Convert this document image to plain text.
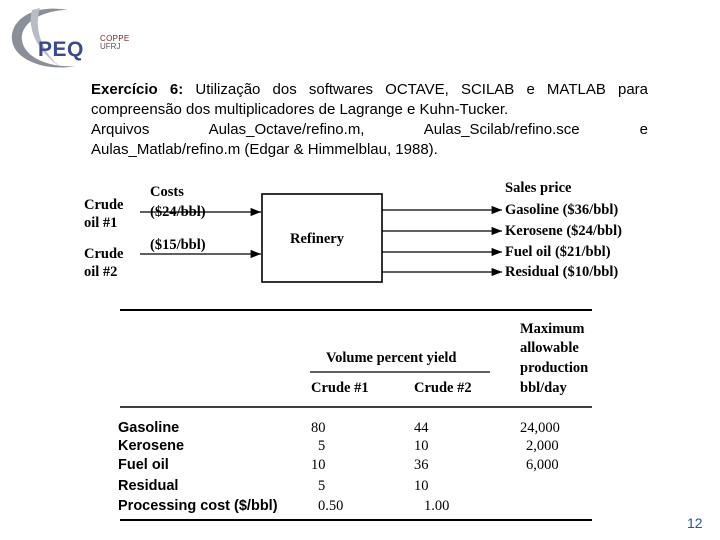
PEQ COPPE
UFRJ
Exercício 6: Utilização dos softwares OCTAVE, SCILAB e MATLAB para compreensão dos multiplicadores de Lagrange e Kuhn-Tucker.
Arquivos Aulas_Octave/refino.m, Aulas_Scilab/refino.sce e
Aulas_Matlab/refino.m (Edgar & Himmelblau, 1988).
Crude
oil #1
Crude
oil #2
Costs
($24/bbl)
($15/bbl)	Refinery
Sales price
Gasoline ($36/bbl)
Kerosene ($24/bbl)
Fuel oil ($21/bbl)
Residual ($10/bbl)
Volume percent yield
Crude #1	Crude #2
Maximum
allowable
production
bbl/day
Gasoline	80	44	24,000
Kerosene	5	10	2,000
Fuel oil	10	36	6,000
Residual	5	10
Processing cost ($/bbl)	0.50	1.00
12
